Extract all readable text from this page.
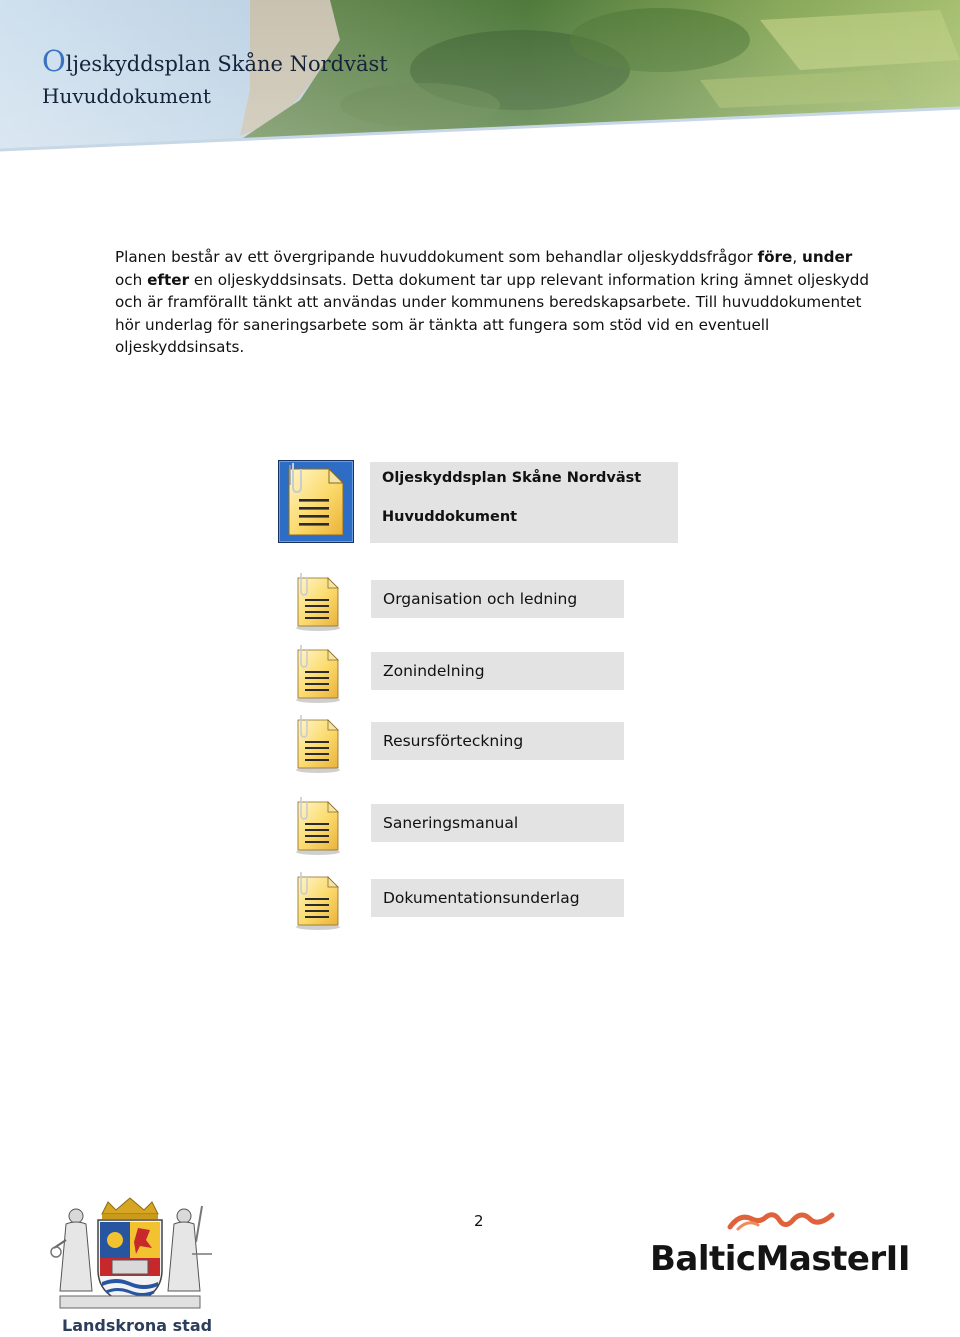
Oljeskyddsplan Skåne Nordväst
Huvuddokument
Planen består av ett övergripande huvuddokument som behandlar oljeskyddsfrågor före, under och efter en oljeskyddsinsats. Detta dokument tar upp relevant information kring ämnet oljeskydd och är framförallt tänkt att användas under kommunens beredskapsarbete. Till huvuddokumentet hör underlag för saneringsarbete som är tänkta att fungera som stöd vid en eventuell oljeskyddsinsats.
Oljeskyddsplan Skåne Nordväst
Huvuddokument
Organisation och ledning
Zonindelning
Resursförteckning
Saneringsmanual
Dokumentationsunderlag
2
Landskrona stad
BalticMasterII
